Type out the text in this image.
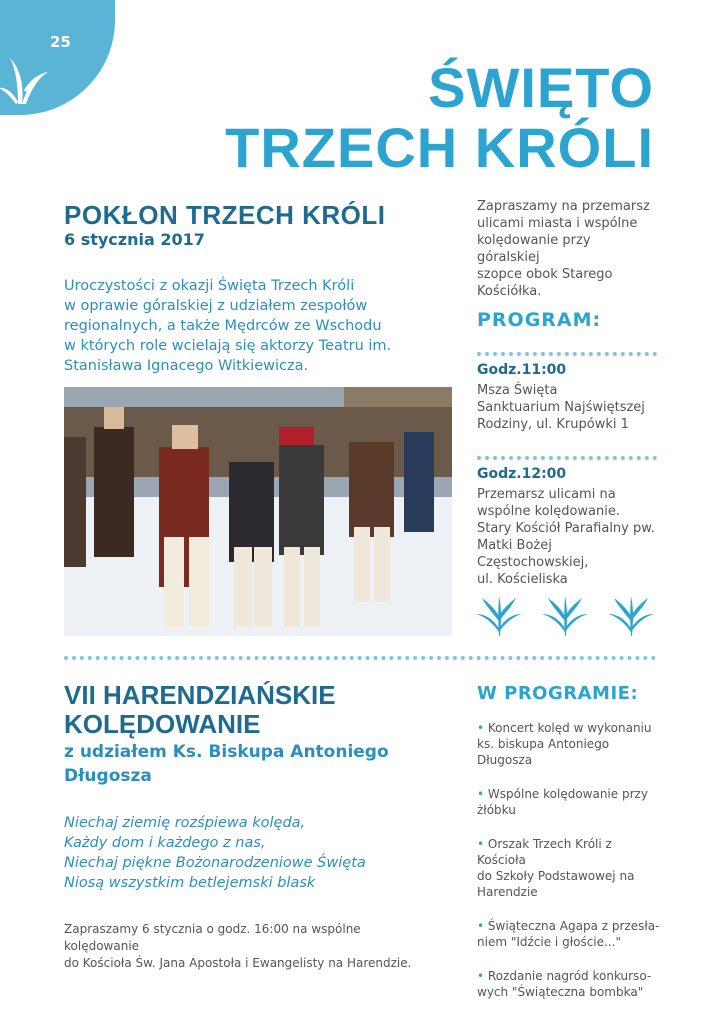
25
ŚWIĘTO
TRZECH KRÓLI
POKŁON TRZECH KRÓLI
6 stycznia 2017
Uroczystości z okazji Święta Trzech Króli
w oprawie góralskiej z udziałem zespołów
regionalnych, a także Mędrców ze Wschodu
w których role wcielają się aktorzy Teatru im.
Stanisława Ignacego Witkiewicza.
Zapraszamy na przemarsz
ulicami miasta i wspólne
kolędowanie przy góralskiej
szopce obok Starego
Kościółka.
PROGRAM:
Godz.11:00
Msza Święta
Sanktuarium Najświętszej
Rodziny, ul. Krupówki 1
Godz.12:00
Przemarsz ulicami na
wspólne kolędowanie.
Stary Kościół Parafialny pw.
Matki Bożej Częstochowskiej,
ul. Kościeliska
VII HARENDZIAŃSKIE
KOLĘDOWANIE
z udziałem Ks. Biskupa Antoniego
Długosza
Niechaj ziemię rozśpiewa kolęda,
Każdy dom i każdego z nas,
Niechaj piękne Bożonarodzeniowe Święta
Niosą wszystkim betlejemski blask
Zapraszamy 6 stycznia o godz. 16:00 na wspólne kolędowanie
do Kościoła Św. Jana Apostoła i Ewangelisty na Harendzie.
W PROGRAMIE:
• Koncert kolęd w wykonaniu
ks. biskupa Antoniego Długosza
• Wspólne kolędowanie przy
żłóbku
• Orszak Trzech Króli z Kościoła
do Szkoły Podstawowej na
Harendzie
• Świąteczna Agapa z przesła-
niem "Idźcie i głoście..."
• Rozdanie nagród konkurso-
wych "Świąteczna bombka"
